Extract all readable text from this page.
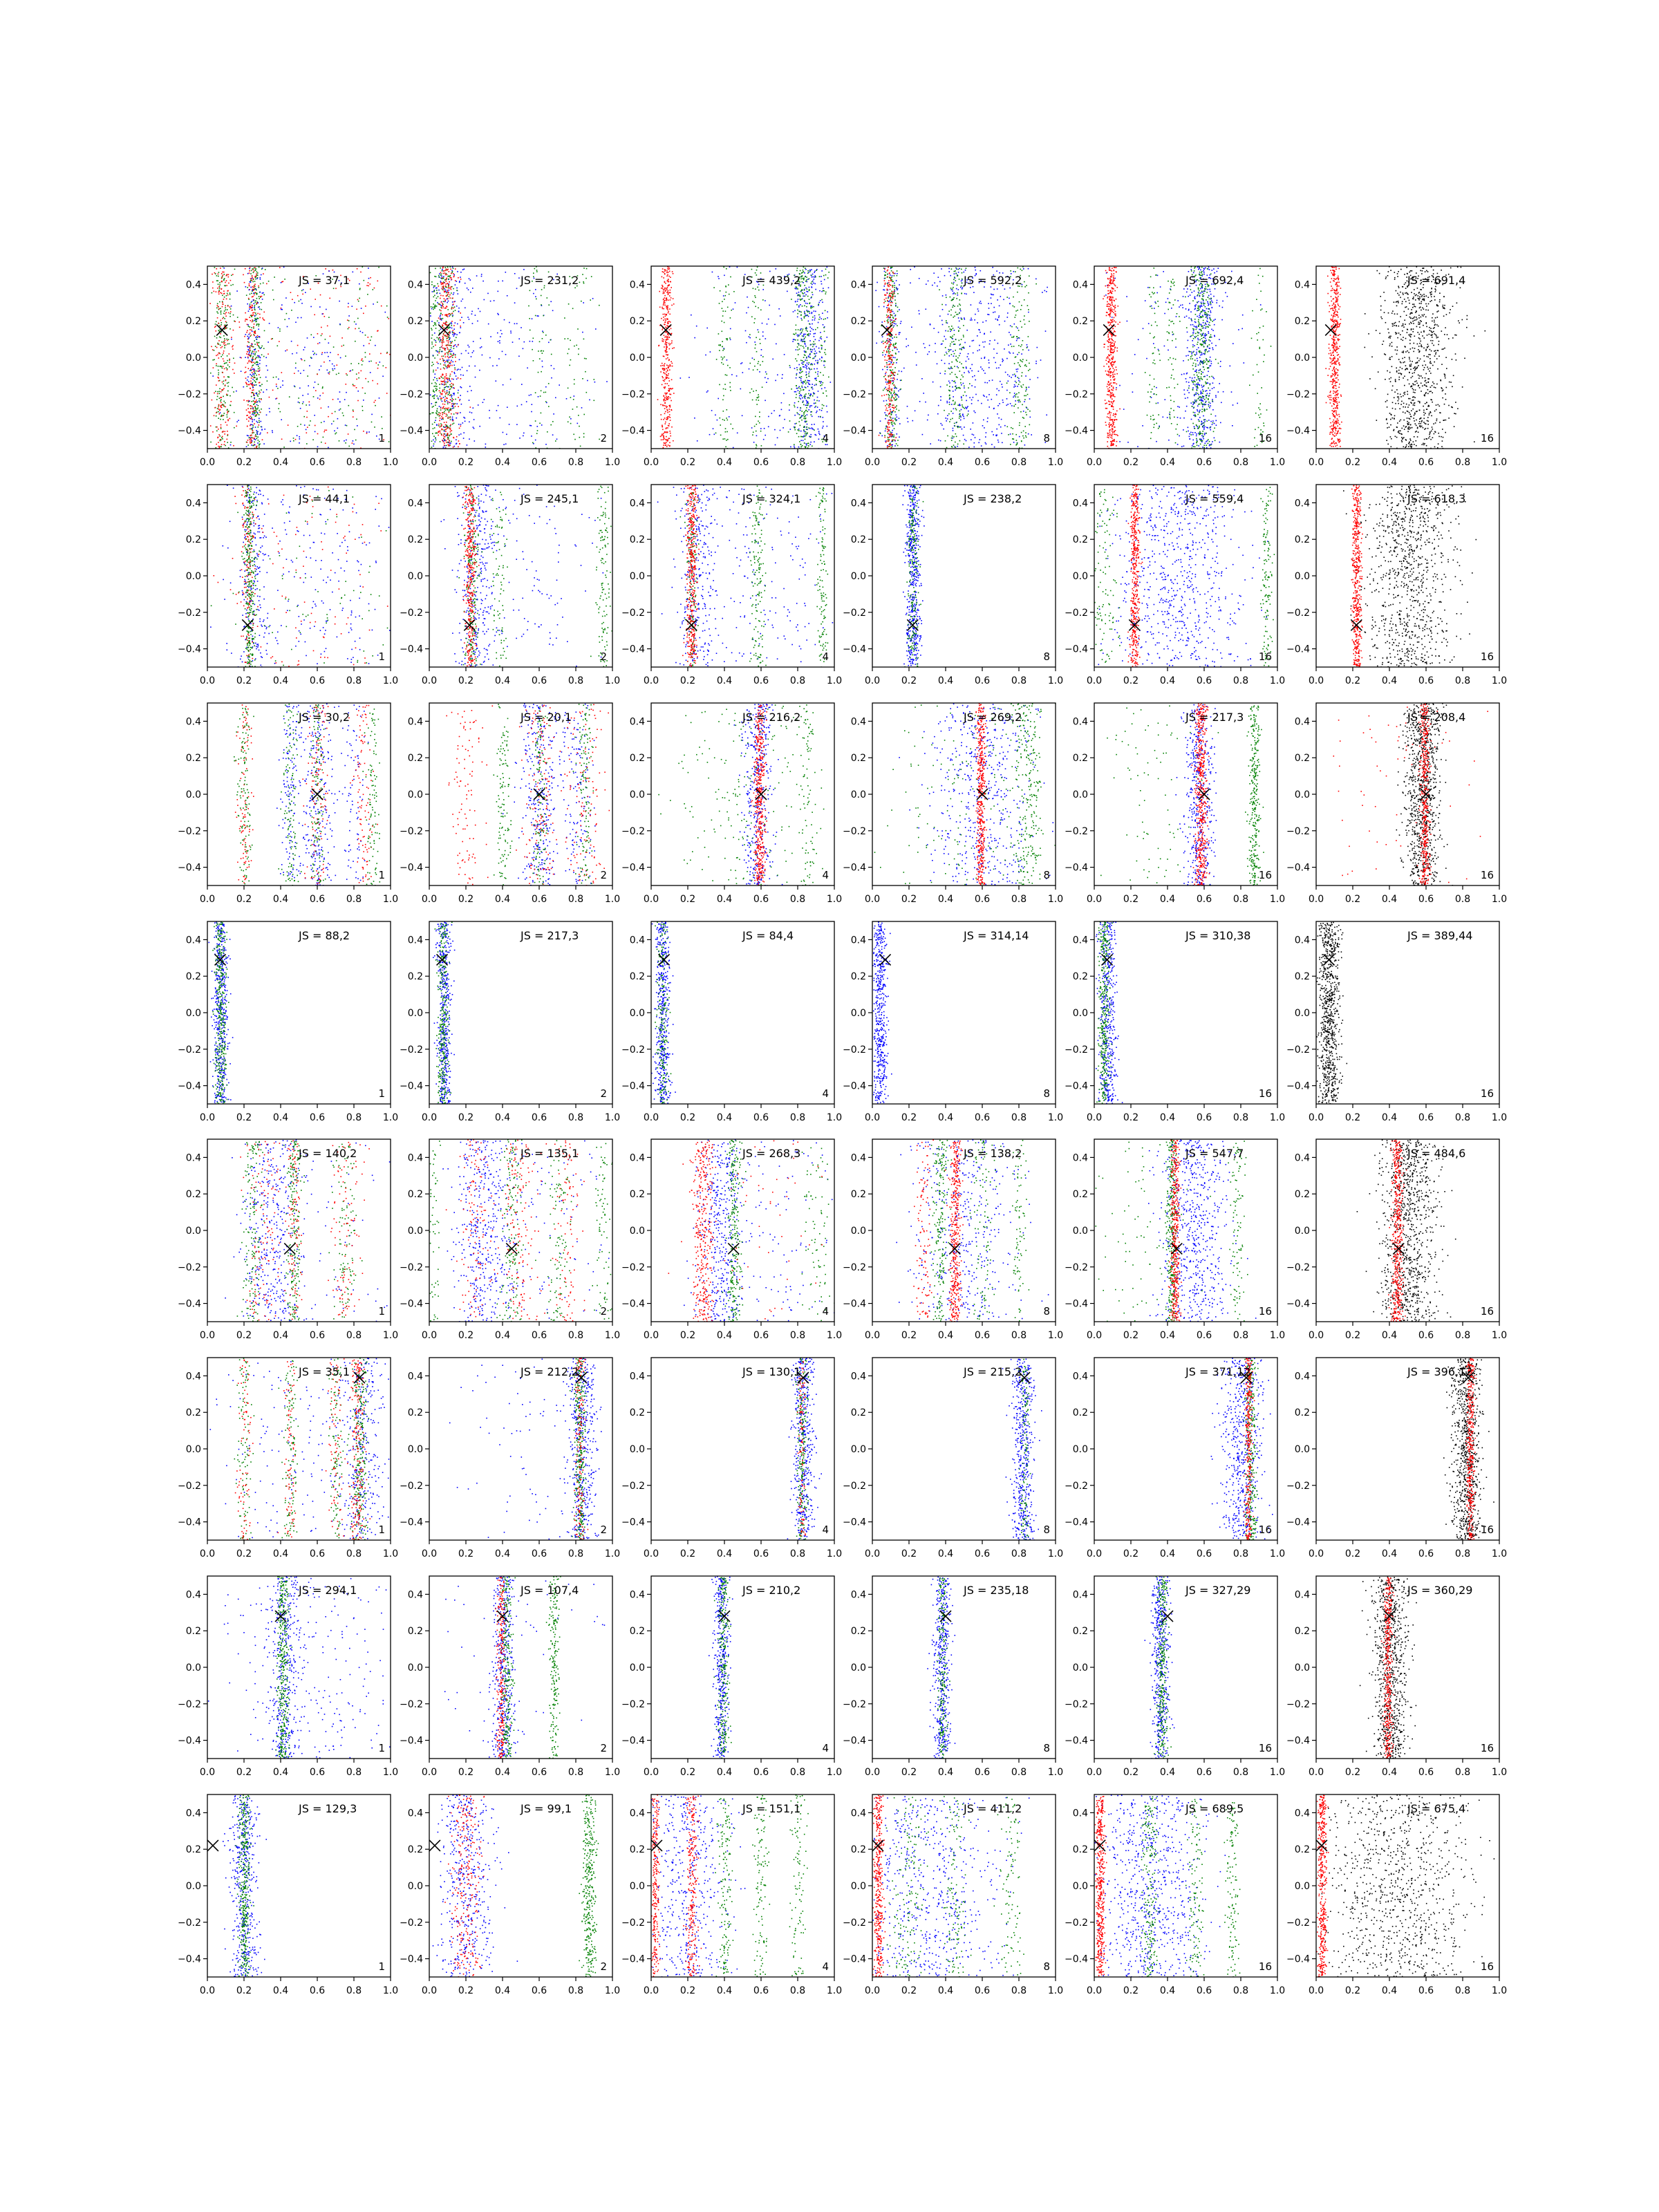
0.0 0.2 0.4 0.6 0.8 1.0
0.4
0.2
0.0
−0.2
−0.4
JS = 37,1
1
0.0 0.2 0.4 0.6 0.8 1.0
0.4
0.2
0.0
−0.2
−0.4
JS = 231,2
2
0.0 0.2 0.4 0.6 0.8 1.0
0.4
0.2
0.0
−0.2
−0.4
JS = 439,2
4
0.0 0.2 0.4 0.6 0.8 1.0
0.4
0.2
0.0
−0.2
−0.4
JS = 592,2
8
0.0 0.2 0.4 0.6 0.8 1.0
0.4
0.2
0.0
−0.2
−0.4
JS = 692,4
16
0.0 0.2 0.4 0.6 0.8 1.0
0.4
0.2
0.0
−0.2
−0.4
JS = 691,4
16
0.0 0.2 0.4 0.6 0.8 1.0
0.4
0.2
0.0
−0.2
−0.4
JS = 44,1
1
0.0 0.2 0.4 0.6 0.8 1.0
0.4
0.2
0.0
−0.2
−0.4
JS = 245,1
2
0.0 0.2 0.4 0.6 0.8 1.0
0.4
0.2
0.0
−0.2
−0.4
JS = 324,1
4
0.0 0.2 0.4 0.6 0.8 1.0
0.4
0.2
0.0
−0.2
−0.4
JS = 238,2
8
0.0 0.2 0.4 0.6 0.8 1.0
0.4
0.2
0.0
−0.2
−0.4
JS = 559,4
16
0.0 0.2 0.4 0.6 0.8 1.0
0.4
0.2
0.0
−0.2
−0.4
JS = 618,3
16
0.0 0.2 0.4 0.6 0.8 1.0
0.4
0.2
0.0
−0.2
−0.4
JS = 30,2
1
0.0 0.2 0.4 0.6 0.8 1.0
0.4
0.2
0.0
−0.2
−0.4
JS = 20,1
2
0.0 0.2 0.4 0.6 0.8 1.0
0.4
0.2
0.0
−0.2
−0.4
JS = 216,2
4
0.0 0.2 0.4 0.6 0.8 1.0
0.4
0.2
0.0
−0.2
−0.4
JS = 269,2
8
0.0 0.2 0.4 0.6 0.8 1.0
0.4
0.2
0.0
−0.2
−0.4
JS = 217,3
16
0.0 0.2 0.4 0.6 0.8 1.0
0.4
0.2
0.0
−0.2
−0.4
JS = 208,4
16
0.0 0.2 0.4 0.6 0.8 1.0
0.4
0.2
0.0
−0.2
−0.4
JS = 88,2
1
0.0 0.2 0.4 0.6 0.8 1.0
0.4
0.2
0.0
−0.2
−0.4
JS = 217,3
2
0.0 0.2 0.4 0.6 0.8 1.0
0.4
0.2
0.0
−0.2
−0.4
JS = 84,4
4
0.0 0.2 0.4 0.6 0.8 1.0
0.4
0.2
0.0
−0.2
−0.4
JS = 314,14
8
0.0 0.2 0.4 0.6 0.8 1.0
0.4
0.2
0.0
−0.2
−0.4
JS = 310,38
16
0.0 0.2 0.4 0.6 0.8 1.0
0.4
0.2
0.0
−0.2
−0.4
JS = 389,44
16
0.0 0.2 0.4 0.6 0.8 1.0
0.4
0.2
0.0
−0.2
−0.4
JS = 140,2
1
0.0 0.2 0.4 0.6 0.8 1.0
0.4
0.2
0.0
−0.2
−0.4
JS = 135,1
2
0.0 0.2 0.4 0.6 0.8 1.0
0.4
0.2
0.0
−0.2
−0.4
JS = 268,3
4
0.0 0.2 0.4 0.6 0.8 1.0
0.4
0.2
0.0
−0.2
−0.4
JS = 138,2
8
0.0 0.2 0.4 0.6 0.8 1.0
0.4
0.2
0.0
−0.2
−0.4
JS = 547,7
16
0.0 0.2 0.4 0.6 0.8 1.0
0.4
0.2
0.0
−0.2
−0.4
JS = 484,6
16
0.0 0.2 0.4 0.6 0.8 1.0
0.4
0.2
0.0
−0.2
−0.4
JS = 35,1
1
0.0 0.2 0.4 0.6 0.8 1.0
0.4
0.2
0.0
−0.2
−0.4
JS = 212,2
2
0.0 0.2 0.4 0.6 0.8 1.0
0.4
0.2
0.0
−0.2
−0.4
JS = 130,1
4
0.0 0.2 0.4 0.6 0.8 1.0
0.4
0.2
0.0
−0.2
−0.4
JS = 215,2
8
0.0 0.2 0.4 0.6 0.8 1.0
0.4
0.2
0.0
−0.2
−0.4
JS = 371,12
16
0.0 0.2 0.4 0.6 0.8 1.0
0.4
0.2
0.0
−0.2
−0.4
JS = 396,12
16
0.0 0.2 0.4 0.6 0.8 1.0
0.4
0.2
0.0
−0.2
−0.4
JS = 294,1
1
0.0 0.2 0.4 0.6 0.8 1.0
0.4
0.2
0.0
−0.2
−0.4
JS = 107,4
2
0.0 0.2 0.4 0.6 0.8 1.0
0.4
0.2
0.0
−0.2
−0.4
JS = 210,2
4
0.0 0.2 0.4 0.6 0.8 1.0
0.4
0.2
0.0
−0.2
−0.4
JS = 235,18
8
0.0 0.2 0.4 0.6 0.8 1.0
0.4
0.2
0.0
−0.2
−0.4
JS = 327,29
16
0.0 0.2 0.4 0.6 0.8 1.0
0.4
0.2
0.0
−0.2
−0.4
JS = 360,29
16
0.0 0.2 0.4 0.6 0.8 1.0
0.4
0.2
0.0
−0.2
−0.4
JS = 129,3
1
0.0 0.2 0.4 0.6 0.8 1.0
0.4
0.2
0.0
−0.2
−0.4
JS = 99,1
2
0.0 0.2 0.4 0.6 0.8 1.0
0.4
0.2
0.0
−0.2
−0.4
JS = 151,1
4
0.0 0.2 0.4 0.6 0.8 1.0
0.4
0.2
0.0
−0.2
−0.4
JS = 411,2
8
0.0 0.2 0.4 0.6 0.8 1.0
0.4
0.2
0.0
−0.2
−0.4
JS = 689,5
16
0.0 0.2 0.4 0.6 0.8 1.0
0.4
0.2
0.0
−0.2
−0.4
JS = 675,4
16
